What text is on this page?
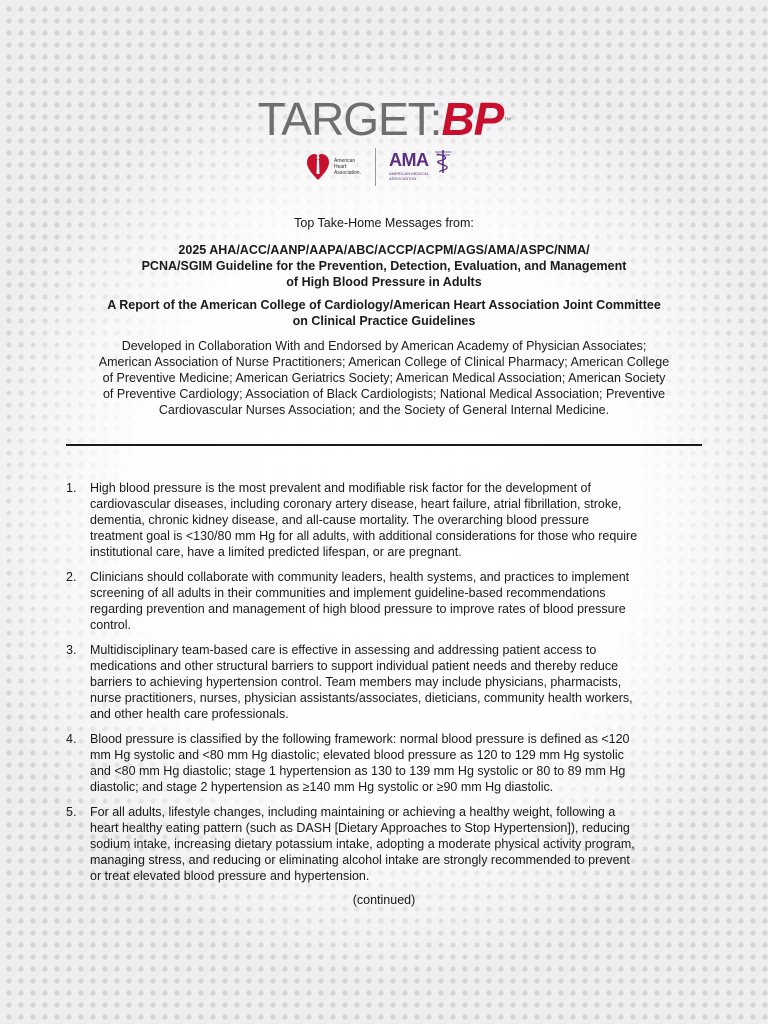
TARGET:BP™
American
Heart
Association.
AMA
AMERICAN MEDICAL
ASSOCIATION
Top Take-Home Messages from:
2025 AHA/ACC/AANP/AAPA/ABC/ACCP/ACPM/AGS/AMA/ASPC/NMA/
PCNA/SGIM Guideline for the Prevention, Detection, Evaluation, and Management
of High Blood Pressure in Adults
A Report of the American College of Cardiology/American Heart Association Joint Committee
on Clinical Practice Guidelines
Developed in Collaboration With and Endorsed by American Academy of Physician Associates;
American Association of Nurse Practitioners; American College of Clinical Pharmacy; American College
of Preventive Medicine; American Geriatrics Society; American Medical Association; American Society
of Preventive Cardiology; Association of Black Cardiologists; National Medical Association; Preventive
Cardiovascular Nurses Association; and the Society of General Internal Medicine.
1. High blood pressure is the most prevalent and modifiable risk factor for the development of
cardiovascular diseases, including coronary artery disease, heart failure, atrial fibrillation, stroke,
dementia, chronic kidney disease, and all-cause mortality. The overarching blood pressure
treatment goal is <130/80 mm Hg for all adults, with additional considerations for those who require
institutional care, have a limited predicted lifespan, or are pregnant.
2. Clinicians should collaborate with community leaders, health systems, and practices to implement
screening of all adults in their communities and implement guideline-based recommendations
regarding prevention and management of high blood pressure to improve rates of blood pressure
control.
3. Multidisciplinary team-based care is effective in assessing and addressing patient access to
medications and other structural barriers to support individual patient needs and thereby reduce
barriers to achieving hypertension control. Team members may include physicians, pharmacists,
nurse practitioners, nurses, physician assistants/associates, dieticians, community health workers,
and other health care professionals.
4. Blood pressure is classified by the following framework: normal blood pressure is defined as <120
mm Hg systolic and <80 mm Hg diastolic; elevated blood pressure as 120 to 129 mm Hg systolic
and <80 mm Hg diastolic; stage 1 hypertension as 130 to 139 mm Hg systolic or 80 to 89 mm Hg
diastolic; and stage 2 hypertension as ≥140 mm Hg systolic or ≥90 mm Hg diastolic.
5. For all adults, lifestyle changes, including maintaining or achieving a healthy weight, following a
heart healthy eating pattern (such as DASH [Dietary Approaches to Stop Hypertension]), reducing
sodium intake, increasing dietary potassium intake, adopting a moderate physical activity program,
managing stress, and reducing or eliminating alcohol intake are strongly recommended to prevent
or treat elevated blood pressure and hypertension.
(continued)
